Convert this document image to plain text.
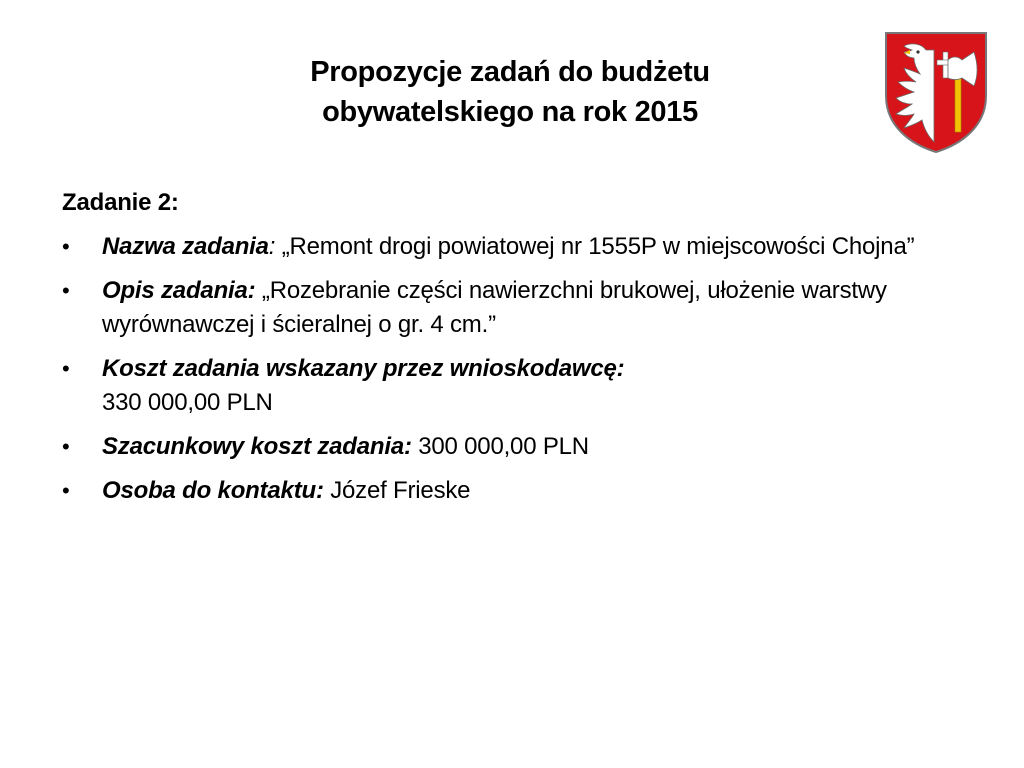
Propozycje zadań do budżetu
obywatelskiego na rok 2015
Zadanie 2:
•	Nazwa zadania: „Remont drogi powiatowej nr 1555P w miejscowości Chojna”
•	Opis zadania: „Rozebranie części nawierzchni brukowej, ułożenie warstwy wyrównawczej i ścieralnej o gr. 4 cm.”
•	Koszt zadania wskazany przez wnioskodawcę:
330 000,00 PLN
•	Szacunkowy koszt zadania: 300 000,00 PLN
•	Osoba do kontaktu: Józef Frieske
